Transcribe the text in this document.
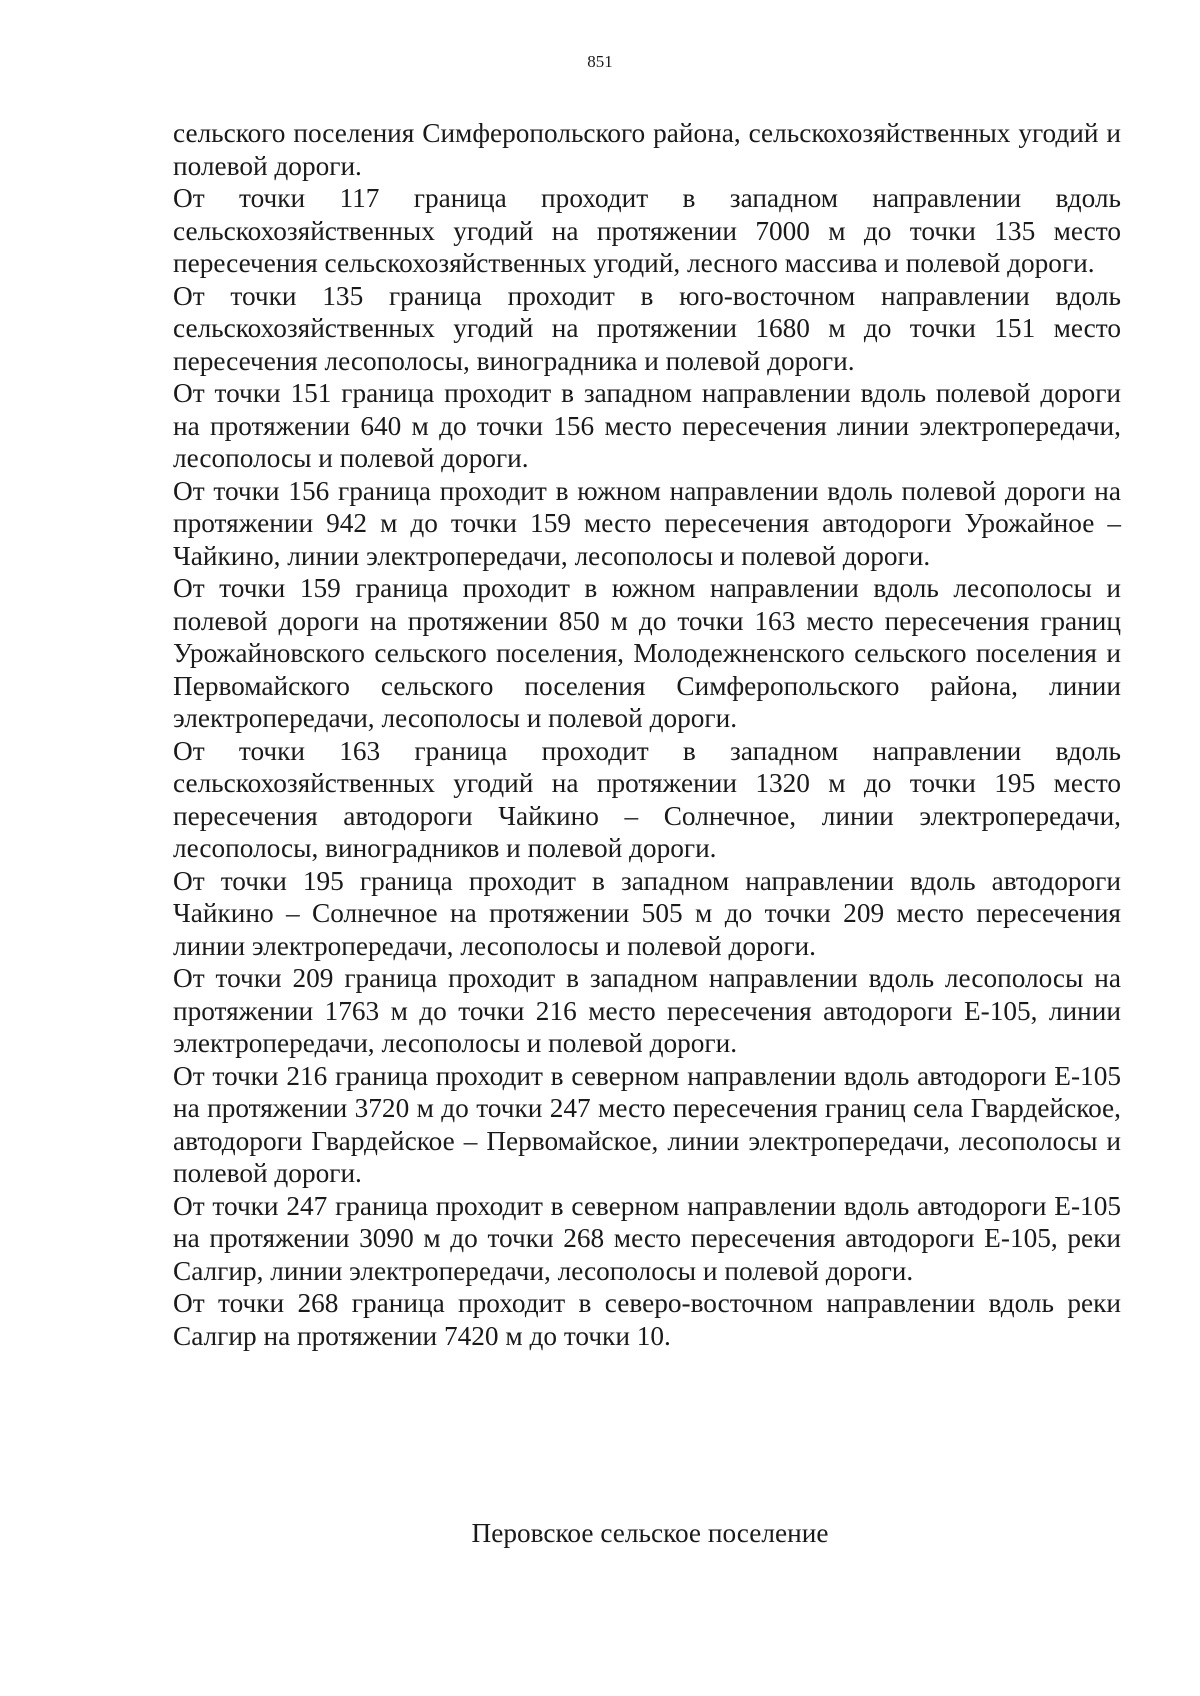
851

сельского поселения Симферопольского района, сельскохозяйственных угодий и полевой дороги.

От точки 117 граница проходит в западном направлении вдоль сельскохозяйственных угодий на протяжении 7000 м до точки 135 место пересечения сельскохозяйственных угодий, лесного массива и полевой дороги.

От точки 135 граница проходит в юго-восточном направлении вдоль сельскохозяйственных угодий на протяжении 1680 м до точки 151 место пересечения лесополосы, виноградника и полевой дороги.

От точки 151 граница проходит в западном направлении вдоль полевой дороги на протяжении 640 м до точки 156 место пересечения линии электропередачи, лесополосы и полевой дороги.

От точки 156 граница проходит в южном направлении вдоль полевой дороги на протяжении 942 м до точки 159 место пересечения автодороги Урожайное – Чайкино, линии электропередачи, лесополосы и полевой дороги.

От точки 159 граница проходит в южном направлении вдоль лесополосы и полевой дороги на протяжении 850 м до точки 163 место пересечения границ Урожайновского сельского поселения, Молодежненского сельского поселения и Первомайского сельского поселения Симферопольского района, линии электропередачи, лесополосы и полевой дороги.

От точки 163 граница проходит в западном направлении вдоль сельскохозяйственных угодий на протяжении 1320 м до точки 195 место пересечения автодороги Чайкино – Солнечное, линии электропередачи, лесополосы, виноградников и полевой дороги.

От точки 195 граница проходит в западном направлении вдоль автодороги Чайкино – Солнечное на протяжении 505 м до точки 209 место пересечения линии электропередачи, лесополосы и полевой дороги.

От точки 209 граница проходит в западном направлении вдоль лесополосы на протяжении 1763 м до точки 216 место пересечения автодороги Е-105, линии электропередачи, лесополосы и полевой дороги.

От точки 216 граница проходит в северном направлении вдоль автодороги Е-105 на протяжении 3720 м до точки 247 место пересечения границ села Гвардейское, автодороги Гвардейское – Первомайское, линии электропередачи, лесополосы и полевой дороги.

От точки 247 граница проходит в северном направлении вдоль автодороги Е-105 на протяжении 3090 м до точки 268 место пересечения автодороги Е-105, реки Салгир, линии электропередачи, лесополосы и полевой дороги.

От точки 268 граница проходит в северо-восточном направлении вдоль реки Салгир на протяжении 7420 м до точки 10.

Перовское сельское поселение
